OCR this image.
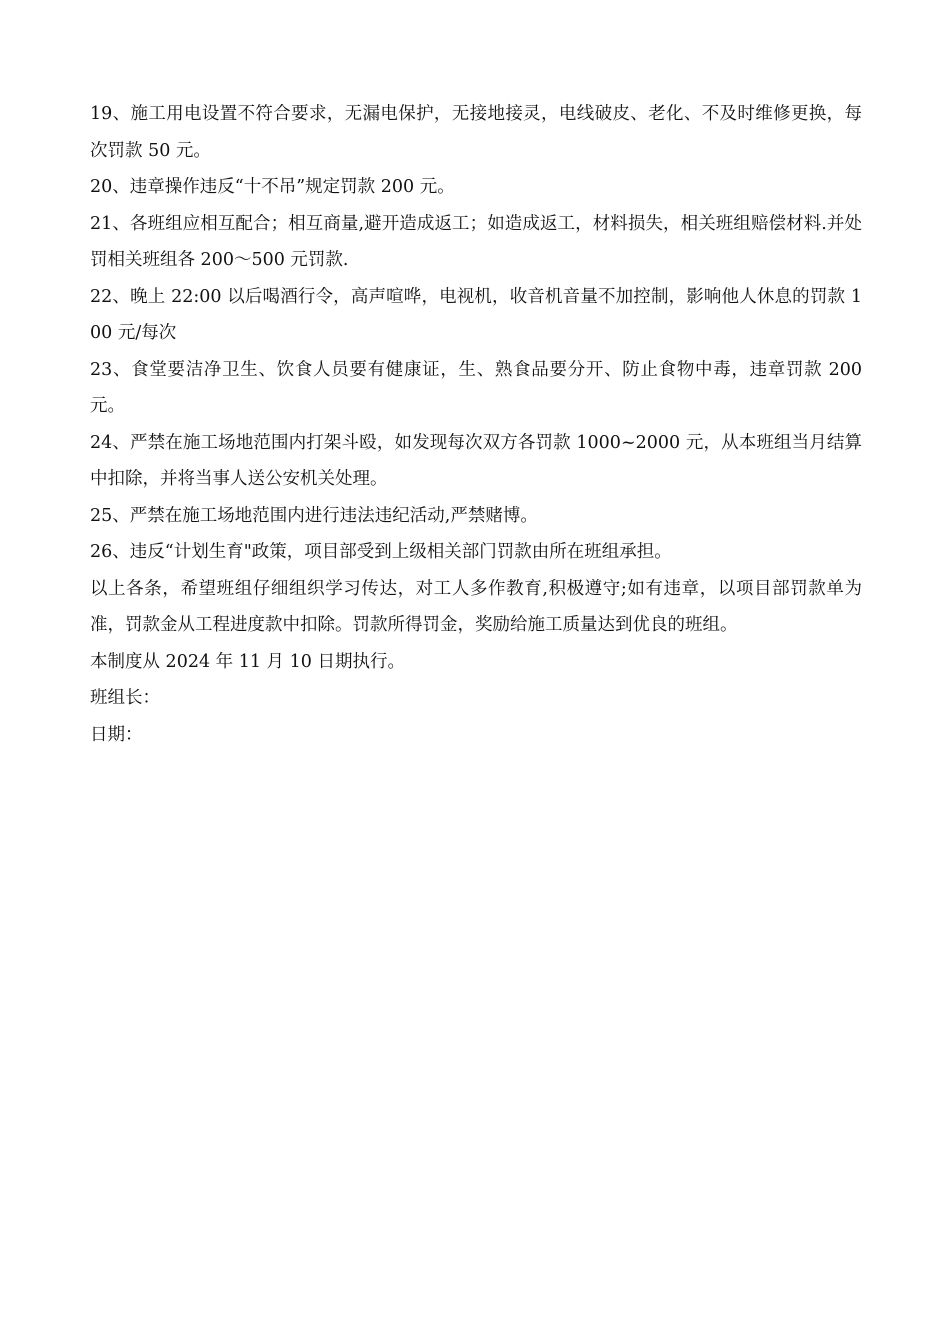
19、施工用电设置不符合要求，无漏电保护，无接地接灵，电线破皮、老化、不及时维修更换，每次罚款 50 元。

20、违章操作违反“十不吊”规定罚款 200 元。

21、各班组应相互配合；相互商量,避开造成返工；如造成返工，材料损失，相关班组赔偿材料.并处罚相关班组各 200～500 元罚款.

22、晚上 22:00 以后喝酒行令，高声喧哗，电视机，收音机音量不加控制，影响他人休息的罚款 100 元/每次

23、食堂要洁净卫生、饮食人员要有健康证，生、熟食品要分开、防止食物中毒，违章罚款 200 元。

24、严禁在施工场地范围内打架斗殴，如发现每次双方各罚款 1000~2000 元，从本班组当月结算中扣除，并将当事人送公安机关处理。

25、严禁在施工场地范围内进行违法违纪活动,严禁赌博。

26、违反“计划生育"政策，项目部受到上级相关部门罚款由所在班组承担。

以上各条，希望班组仔细组织学习传达，对工人多作教育,积极遵守;如有违章，以项目部罚款单为准，罚款金从工程进度款中扣除。罚款所得罚金，奖励给施工质量达到优良的班组。

本制度从 2024 年 11 月 10 日期执行。

班组长：

日期：
